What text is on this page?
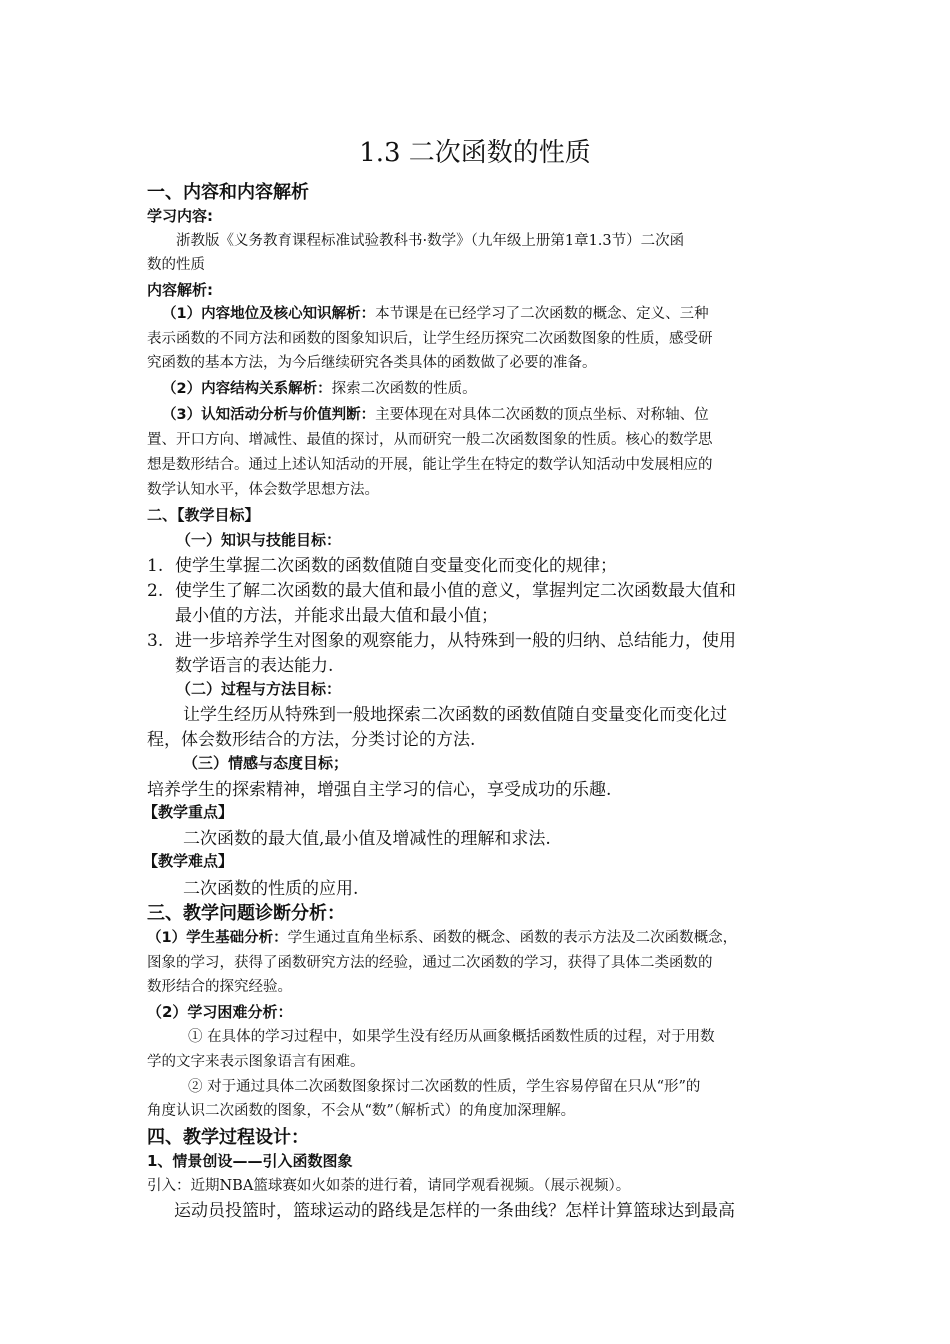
1.3 二次函数的性质
一、内容和内容解析
学习内容:
浙教版《义务教育课程标准试验教科书·数学》（九年级上册第1章1.3节）二次函
数的性质
内容解析:
（1）内容地位及核心知识解析：本节课是在已经学习了二次函数的概念、定义、三种
表示函数的不同方法和函数的图象知识后，让学生经历探究二次函数图象的性质，感受研
究函数的基本方法，为今后继续研究各类具体的函数做了必要的准备。
（2）内容结构关系解析：探索二次函数的性质。
（3）认知活动分析与价值判断：主要体现在对具体二次函数的顶点坐标、对称轴、位
置、开口方向、增减性、最值的探讨，从而研究一般二次函数图象的性质。核心的数学思
想是数形结合。通过上述认知活动的开展，能让学生在特定的数学认知活动中发展相应的
数学认知水平，体会数学思想方法。
二、【教学目标】
（一）知识与技能目标：
1. 使学生掌握二次函数的函数值随自变量变化而变化的规律；
2. 使学生了解二次函数的最大值和最小值的意义，掌握判定二次函数最大值和
最小值的方法，并能求出最大值和最小值；
3. 进一步培养学生对图象的观察能力，从特殊到一般的归纳、总结能力，使用
数学语言的表达能力.
（二）过程与方法目标：
让学生经历从特殊到一般地探索二次函数的函数值随自变量变化而变化过
程，体会数形结合的方法，分类讨论的方法.
（三）情感与态度目标；
培养学生的探索精神，增强自主学习的信心，享受成功的乐趣.
【教学重点】
二次函数的最大值,最小值及增减性的理解和求法.
【教学难点】
二次函数的性质的应用.
三、教学问题诊断分析：
（1）学生基础分析：学生通过直角坐标系、函数的概念、函数的表示方法及二次函数概念，
图象的学习，获得了函数研究方法的经验，通过二次函数的学习，获得了具体二类函数的
数形结合的探究经验。
（2）学习困难分析：
① 在具体的学习过程中，如果学生没有经历从画象概括函数性质的过程，对于用数
学的文字来表示图象语言有困难。
② 对于通过具体二次函数图象探讨二次函数的性质，学生容易停留在只从“形”的
角度认识二次函数的图象，不会从“数”（解析式）的角度加深理解。
四、教学过程设计：
1、情景创设——引入函数图象
引入：近期NBA篮球赛如火如荼的进行着，请同学观看视频。（展示视频）。
运动员投篮时，篮球运动的路线是怎样的一条曲线？怎样计算篮球达到最高
